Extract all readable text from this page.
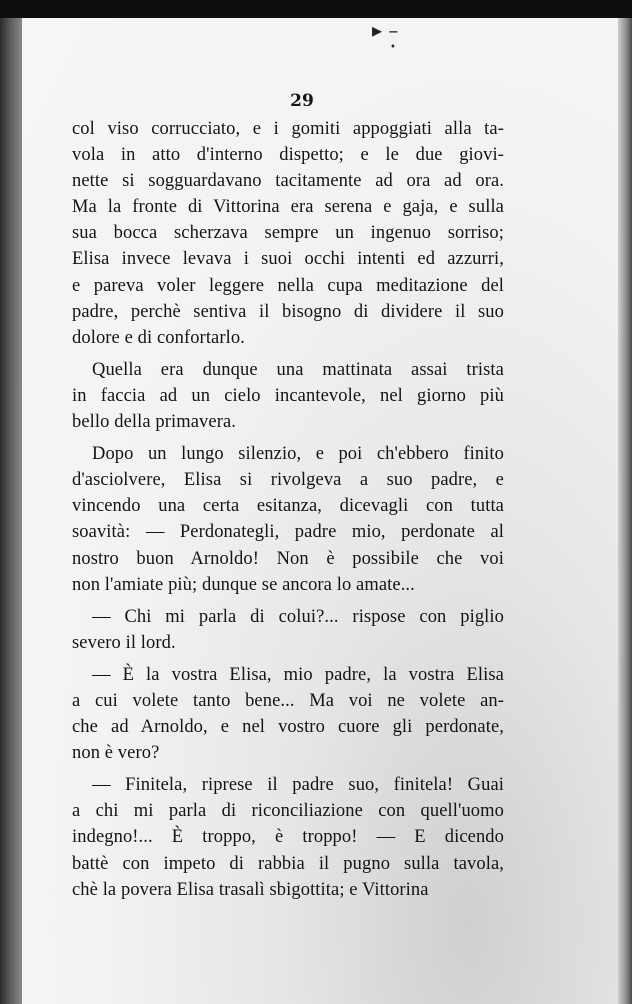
▸ –
•
29
col viso corrucciato, e i gomiti appoggiati alla ta-
vola in atto d'interno dispetto; e le due giovi-
nette si sogguardavano tacitamente ad ora ad ora.
Ma la fronte di Vittorina era serena e gaja, e sulla
sua bocca scherzava sempre un ingenuo sorriso;
Elisa invece levava i suoi occhi intenti ed azzurri,
e pareva voler leggere nella cupa meditazione del
padre, perchè sentiva il bisogno di dividere il suo
dolore e di confortarlo.
Quella era dunque una mattinata assai trista
in faccia ad un cielo incantevole, nel giorno più
bello della primavera.
Dopo un lungo silenzio, e poi ch'ebbero finito
d'asciolvere, Elisa si rivolgeva a suo padre, e
vincendo una certa esitanza, dicevagli con tutta
soavità: — Perdonategli, padre mio, perdonate al
nostro buon Arnoldo! Non è possibile che voi
non l'amiate più; dunque se ancora lo amate...
— Chi mi parla di colui?... rispose con piglio
severo il lord.
— È la vostra Elisa, mio padre, la vostra Elisa
a cui volete tanto bene... Ma voi ne volete an-
che ad Arnoldo, e nel vostro cuore gli perdonate,
non è vero?
— Finitela, riprese il padre suo, finitela! Guai
a chi mi parla di riconciliazione con quell'uomo
indegno!... È troppo, è troppo! — E dicendo
battè con impeto di rabbia il pugno sulla tavola,
chè la povera Elisa trasalì sbigottita; e Vittorina
